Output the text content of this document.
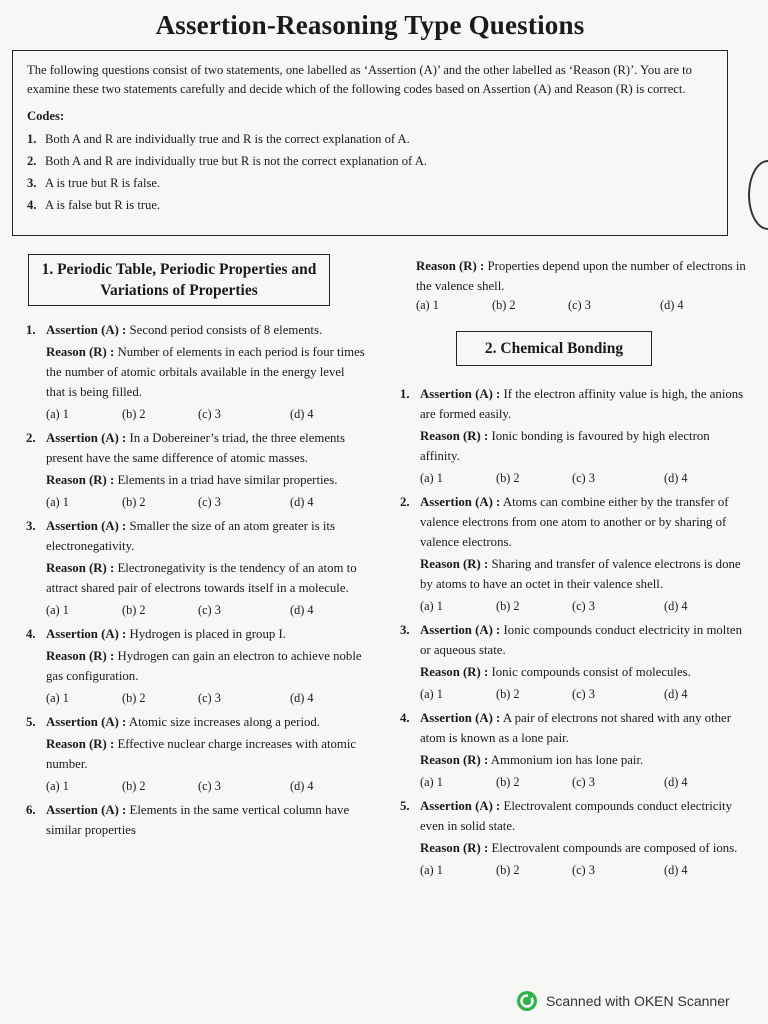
Assertion-Reasoning Type Questions

The following questions consist of two statements, one labelled as ‘Assertion (A)’ and the other labelled as ‘Reason (R)’. You are to examine these two statements carefully and decide which of the following codes based on Assertion (A) and Reason (R) is correct.

Codes:
1. Both A and R are individually true and R is the correct explanation of A.
2. Both A and R are individually true but R is not the correct explanation of A.
3. A is true but R is false.
4. A is false but R is true.
1. Periodic Table, Periodic Properties and Variations of Properties
1. Assertion (A) : Second period consists of 8 elements.
Reason (R) : Number of elements in each period is four times the number of atomic orbitals available in the energy level that is being filled.
(a) 1	(b) 2	(c) 3	(d) 4
2. Assertion (A) : In a Dobereiner’s triad, the three elements present have the same difference of atomic masses.
Reason (R) : Elements in a triad have similar properties.
(a) 1	(b) 2	(c) 3	(d) 4
3. Assertion (A) : Smaller the size of an atom greater is its electronegativity.
Reason (R) : Electronegativity is the tendency of an atom to attract shared pair of electrons towards itself in a molecule.
(a) 1	(b) 2	(c) 3	(d) 4
4. Assertion (A) : Hydrogen is placed in group I.
Reason (R) : Hydrogen can gain an electron to achieve noble gas configuration.
(a) 1	(b) 2	(c) 3	(d) 4
5. Assertion (A) : Atomic size increases along a period.
Reason (R) : Effective nuclear charge increases with atomic number.
(a) 1	(b) 2	(c) 3	(d) 4
6. Assertion (A) : Elements in the same vertical column have similar properties
Reason (R) : Properties depend upon the number of electrons in the valence shell.
(a) 1	(b) 2	(c) 3	(d) 4
2. Chemical Bonding
1. Assertion (A) : If the electron affinity value is high, the anions are formed easily.
Reason (R) : Ionic bonding is favoured by high electron affinity.
(a) 1	(b) 2	(c) 3	(d) 4
2. Assertion (A) : Atoms can combine either by the transfer of valence electrons from one atom to another or by sharing of valence electrons.
Reason (R) : Sharing and transfer of valence electrons is done by atoms to have an octet in their valence shell.
(a) 1	(b) 2	(c) 3	(d) 4
3. Assertion (A) : Ionic compounds conduct electricity in molten or aqueous state.
Reason (R) : Ionic compounds consist of molecules.
(a) 1	(b) 2	(c) 3	(d) 4
4. Assertion (A) : A pair of electrons not shared with any other atom is known as a lone pair.
Reason (R) : Ammonium ion has lone pair.
(a) 1	(b) 2	(c) 3	(d) 4
5. Assertion (A) : Electrovalent compounds conduct electricity even in solid state.
Reason (R) : Electrovalent compounds are composed of ions.
(a) 1	(b) 2	(c) 3	(d) 4
Scanned with OKEN Scanner
